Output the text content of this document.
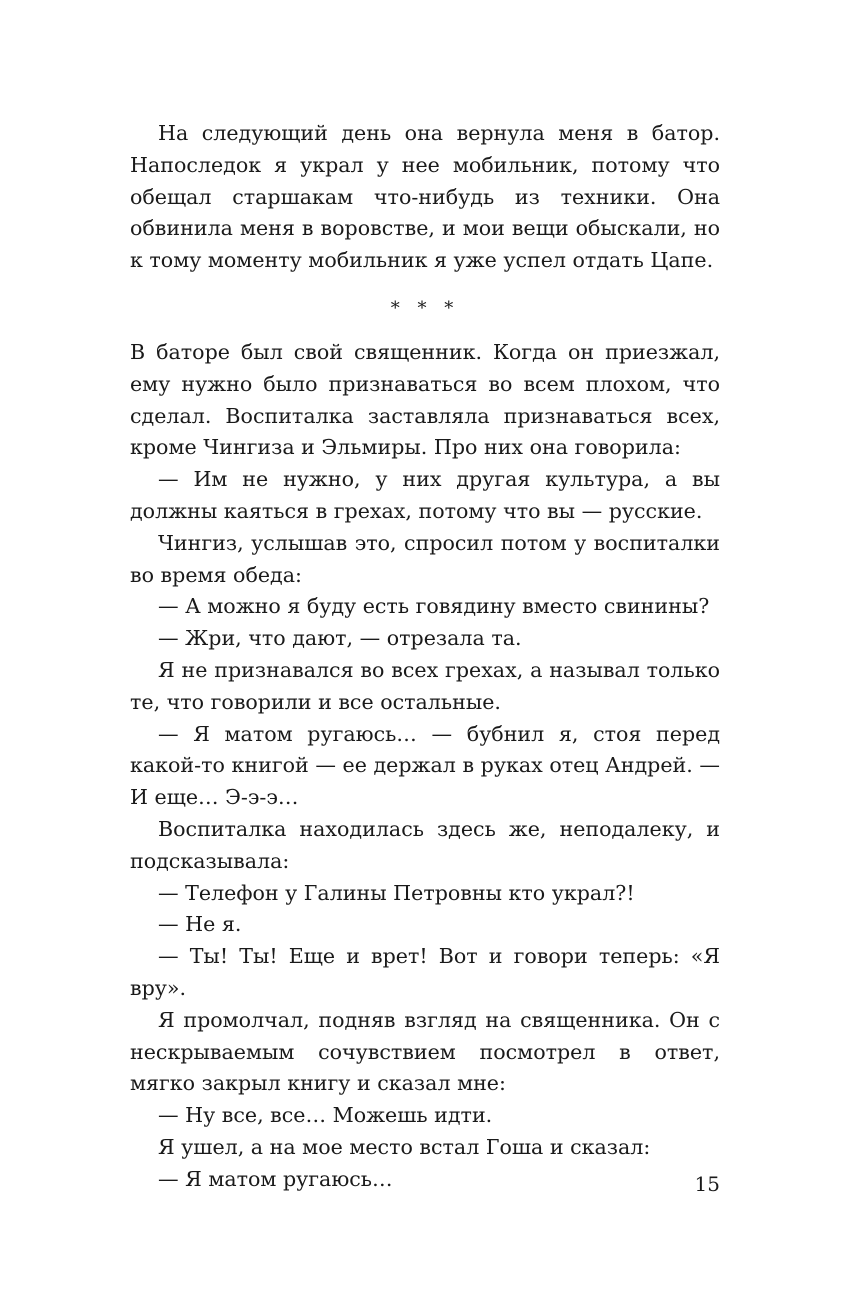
На следующий день она вернула меня в батор. Напоследок я украл у нее мобильник, потому что обещал старшакам что-нибудь из техники. Она обвинила меня в воровстве, и мои вещи обыскали, но к тому моменту мобильник я уже успел отдать Цапе.

* * *

В баторе был свой священник. Когда он приезжал, ему нужно было признаваться во всем плохом, что сделал. Воспиталка заставляла признаваться всех, кроме Чингиза и Эльмиры. Про них она говорила:

— Им не нужно, у них другая культура, а вы должны каяться в грехах, потому что вы — русские.

Чингиз, услышав это, спросил потом у воспиталки во время обеда:

— А можно я буду есть говядину вместо свинины?

— Жри, что дают, — отрезала та.

Я не признавался во всех грехах, а называл только те, что говорили и все остальные.

— Я матом ругаюсь… — бубнил я, стоя перед какой-то книгой — ее держал в руках отец Андрей. — И еще… Э-э-э…

Воспиталка находилась здесь же, неподалеку, и подсказывала:

— Телефон у Галины Петровны кто украл?!

— Не я.

— Ты! Ты! Еще и врет! Вот и говори теперь: «Я вру».

Я промолчал, подняв взгляд на священника. Он с нескрываемым сочувствием посмотрел в ответ, мягко закрыл книгу и сказал мне:

— Ну все, все… Можешь идти.

Я ушел, а на мое место встал Гоша и сказал:

— Я матом ругаюсь…	15
